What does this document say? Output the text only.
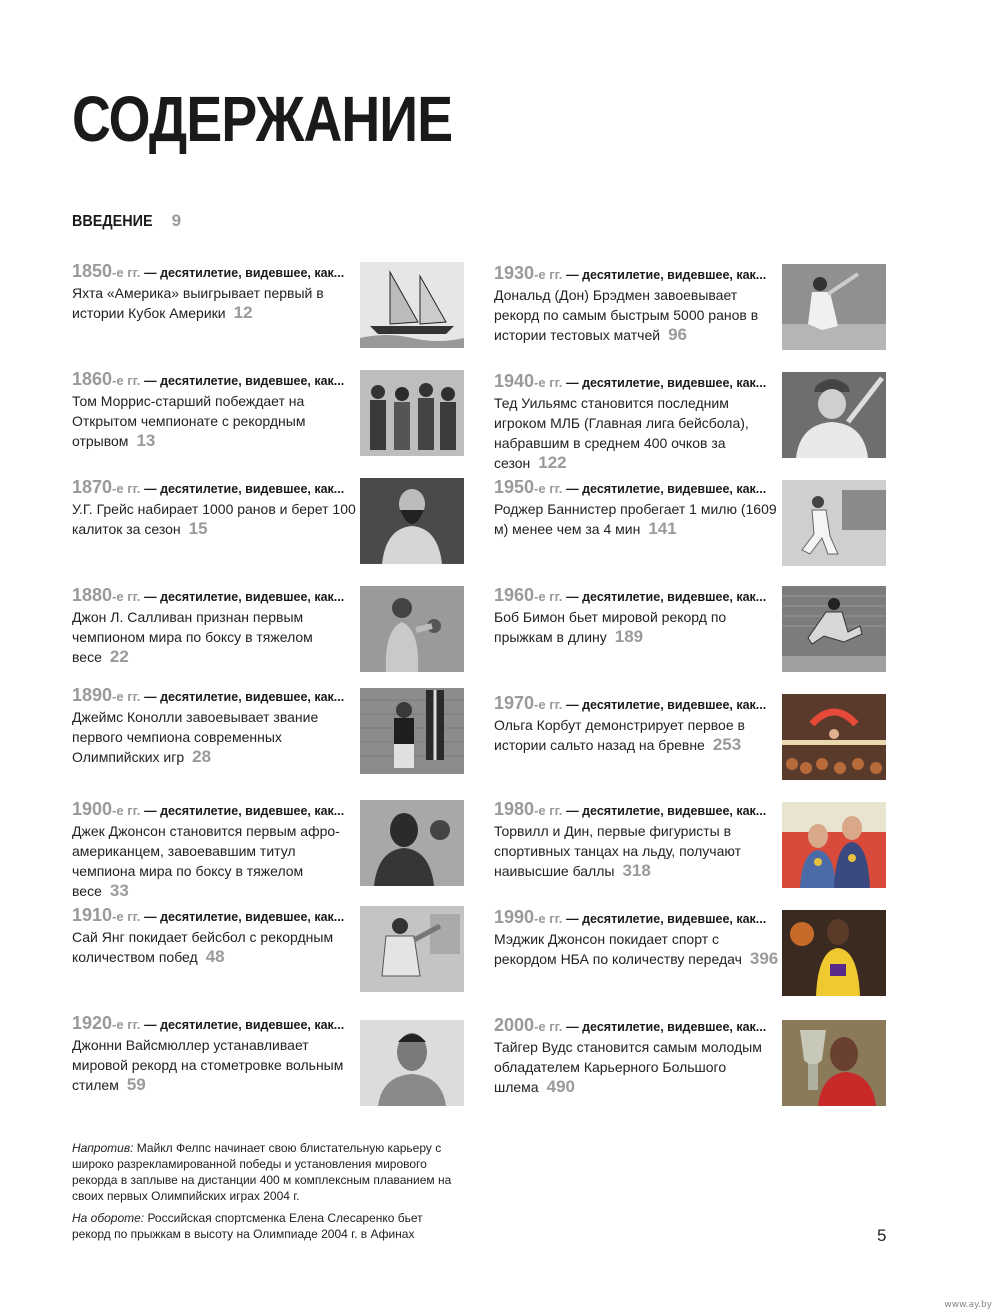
СОДЕРЖАНИЕ
ВВЕДЕНИЕ 9
1850-е гг. — десятилетие, видевшее, как...
Яхта «Америка» выигрывает первый в истории Кубок Америки 12
1860-е гг. — десятилетие, видевшее, как...
Том Моррис-старший побеждает на Открытом чемпионате с рекордным отрывом 13
1870-е гг. — десятилетие, видевшее, как...
У.Г. Грейс набирает 1000 ранов и берет 100 калиток за сезон 15
1880-е гг. — десятилетие, видевшее, как...
Джон Л. Салливан признан первым чемпионом мира по боксу в тяжелом весе 22
1890-е гг. — десятилетие, видевшее, как...
Джеймс Конолли завоевывает звание первого чемпиона современных Олимпийских игр 28
1900-е гг. — десятилетие, видевшее, как...
Джек Джонсон становится первым афро-американцем, завоевавшим титул чемпиона мира по боксу в тяжелом весе 33
1910-е гг. — десятилетие, видевшее, как...
Сай Янг покидает бейсбол с рекордным количеством побед 48
1920-е гг. — десятилетие, видевшее, как...
Джонни Вайсмюллер устанавливает мировой рекорд на стометровке вольным стилем 59
1930-е гг. — десятилетие, видевшее, как...
Дональд (Дон) Брэдмен завоевывает рекорд по самым быстрым 5000 ранов в истории тестовых матчей 96
1940-е гг. — десятилетие, видевшее, как...
Тед Уильямс становится последним игроком МЛБ (Главная лига бейсбола), набравшим в среднем 400 очков за сезон 122
1950-е гг. — десятилетие, видевшее, как...
Роджер Баннистер пробегает 1 милю (1609 м) менее чем за 4 мин 141
1960-е гг. — десятилетие, видевшее, как...
Боб Бимон бьет мировой рекорд по прыжкам в длину 189
1970-е гг. — десятилетие, видевшее, как...
Ольга Корбут демонстрирует первое в истории сальто назад на бревне 253
1980-е гг. — десятилетие, видевшее, как...
Торвилл и Дин, первые фигуристы в спортивных танцах на льду, получают наивысшие баллы 318
1990-е гг. — десятилетие, видевшее, как...
Мэджик Джонсон покидает спорт с рекордом НБА по количеству передач 396
2000-е гг. — десятилетие, видевшее, как...
Тайгер Вудс становится самым молодым обладателем Карьерного Большого шлема 490

Напротив: Майкл Фелпс начинает свою блистательную карьеру с широко разрекламированной победы и установления мирового рекорда в заплыве на дистанции 400 м комплексным плаванием на своих первых Олимпийских играх 2004 г.

На обороте: Российская спортсменка Елена Слесаренко бьет рекорд по прыжкам в высоту на Олимпиаде 2004 г. в Афинах	5
www.ay.by
